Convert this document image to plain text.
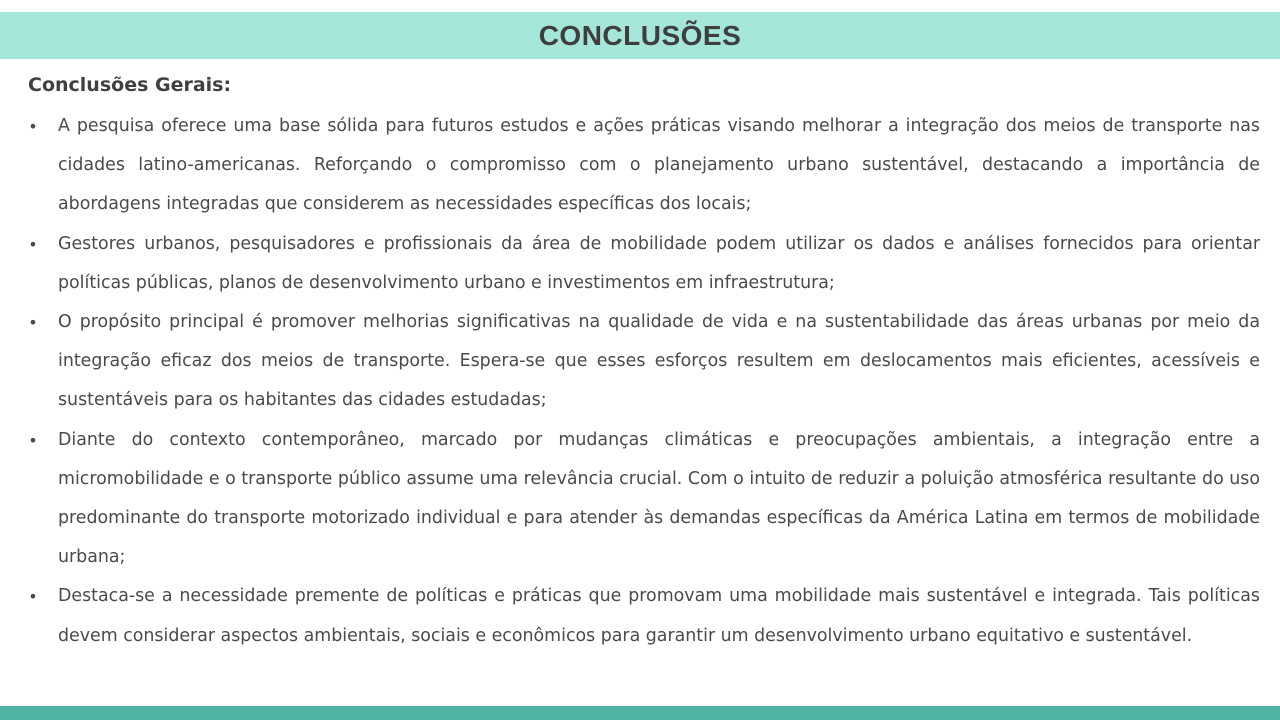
CONCLUSÕES
Conclusões Gerais:
• A pesquisa oferece uma base sólida para futuros estudos e ações práticas visando melhorar a integração dos meios de transporte nas cidades latino-americanas. Reforçando o compromisso com o planejamento urbano sustentável, destacando a importância de abordagens integradas que considerem as necessidades específicas dos locais;
• Gestores urbanos, pesquisadores e profissionais da área de mobilidade podem utilizar os dados e análises fornecidos para orientar políticas públicas, planos de desenvolvimento urbano e investimentos em infraestrutura;
• O propósito principal é promover melhorias significativas na qualidade de vida e na sustentabilidade das áreas urbanas por meio da integração eficaz dos meios de transporte. Espera-se que esses esforços resultem em deslocamentos mais eficientes, acessíveis e sustentáveis para os habitantes das cidades estudadas;
• Diante do contexto contemporâneo, marcado por mudanças climáticas e preocupações ambientais, a integração entre a micromobilidade e o transporte público assume uma relevância crucial. Com o intuito de reduzir a poluição atmosférica resultante do uso predominante do transporte motorizado individual e para atender às demandas específicas da América Latina em termos de mobilidade urbana;
• Destaca-se a necessidade premente de políticas e práticas que promovam uma mobilidade mais sustentável e integrada. Tais políticas devem considerar aspectos ambientais, sociais e econômicos para garantir um desenvolvimento urbano equitativo e sustentável.
